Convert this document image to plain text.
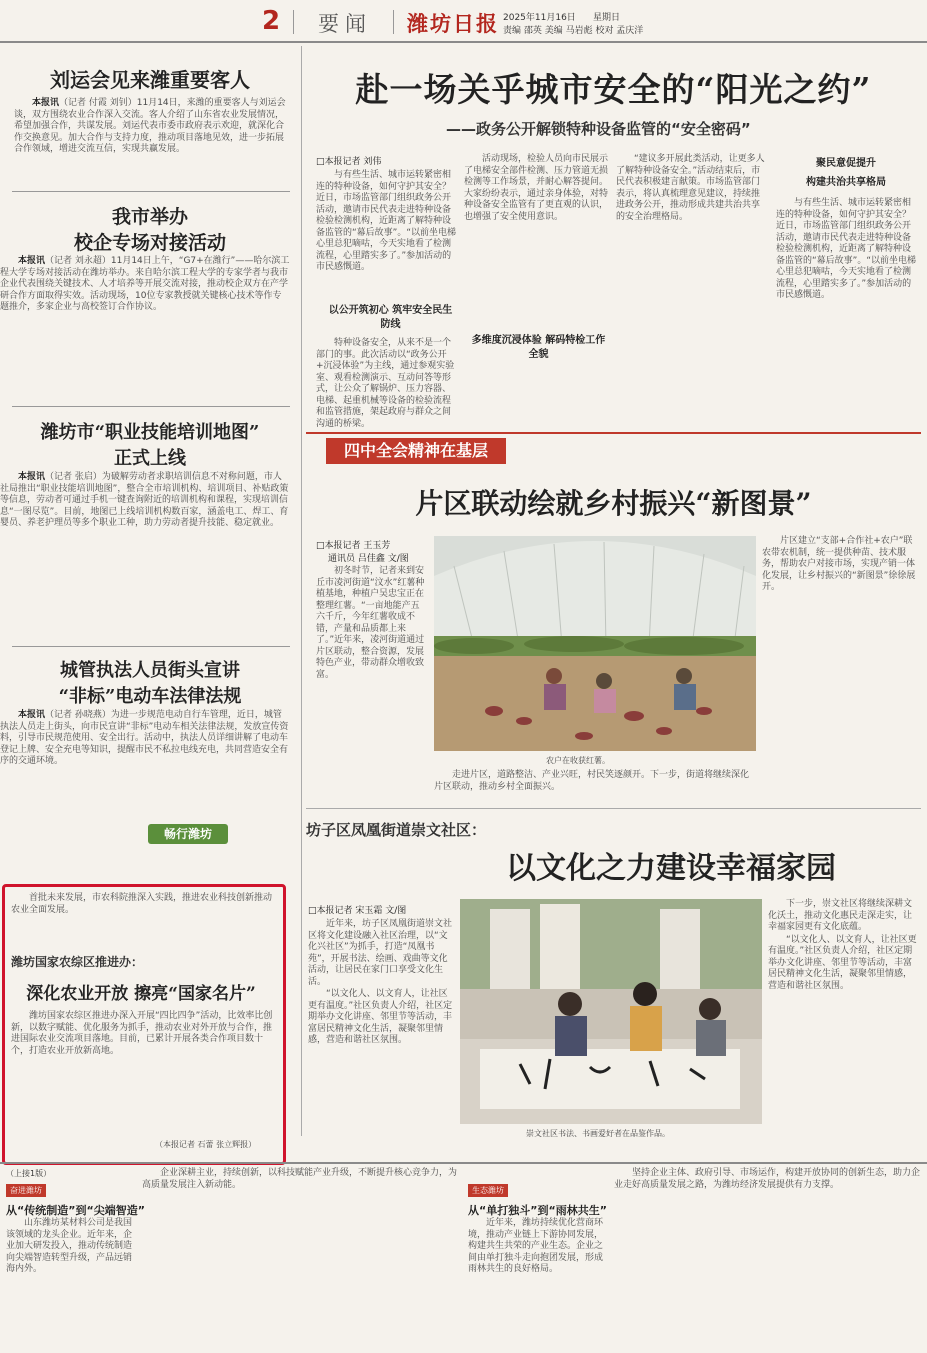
2 要闻 潍坊日报 2025年11月16日 星期日
责编 邵英 美编 马岩彪 校对 孟庆洋
刘运会见来潍重要客人

本报讯（记者 付霞 刘钊）11月14日，来潍的重要客人与刘运会谈，双方围绕农业合作深入交流。客人介绍了山东省农业发展情况，希望加强合作，共谋发展。刘运代表市委市政府表示欢迎，就深化合作交换意见。加大合作与支持力度，推动项目落地见效，进一步拓展合作领域，增进交流互信，实现共赢发展。

我市举办
校企专场对接活动

本报讯（记者 刘永超）11月14日上午，“G7+在潍行”——哈尔滨工程大学专场对接活动在潍坊举办。来自哈尔滨工程大学的专家学者与我市企业代表围绕关键技术、人才培养等开展交流对接，推动校企双方在产学研合作方面取得实效。活动现场，10位专家教授就关键核心技术等作专题推介，多家企业与高校签订合作协议。

潍坊市“职业技能培训地图”
正式上线

本报讯（记者 张启）为破解劳动者求职培训信息不对称问题，市人社局推出“职业技能培训地图”，整合全市培训机构、培训项目、补贴政策等信息，劳动者可通过手机一键查询附近的培训机构和课程，实现培训信息“一图尽览”。目前，地图已上线培训机构数百家，涵盖电工、焊工、育婴员、养老护理员等多个职业工种，助力劳动者提升技能、稳定就业。

城管执法人员街头宣讲
“非标”电动车法律法规

本报讯（记者 孙晓燕）为进一步规范电动自行车管理，近日，城管执法人员走上街头，向市民宣讲“非标”电动车相关法律法规，发放宣传资料，引导市民规范使用、安全出行。活动中，执法人员详细讲解了电动车登记上牌、安全充电等知识，提醒市民不私拉电线充电，共同营造安全有序的交通环境。

畅行潍坊
赴一场关乎城市安全的“阳光之约”
——政务公开解锁特种设备监管的“安全密码”
□本报记者 刘伟

与有些生活、城市运转紧密相连的特种设备，如何守护其安全？近日，市场监管部门组织政务公开活动，邀请市民代表走进特种设备检验检测机构，近距离了解特种设备监管的“幕后故事”。“以前坐电梯心里总犯嘀咕，今天实地看了检测流程，心里踏实多了。”参加活动的市民感慨道。

以公开筑初心 筑牢安全民生防线

特种设备安全，从来不是一个部门的事。此次活动以“政务公开+沉浸体验”为主线，通过参观实验室、观看检测演示、互动问答等形式，让公众了解锅炉、压力容器、电梯、起重机械等设备的检验流程和监管措施，架起政府与群众之间沟通的桥梁。

活动现场，检验人员向市民展示了电梯安全部件检测、压力管道无损检测等工作场景，并耐心解答提问。大家纷纷表示，通过亲身体验，对特种设备安全监管有了更直观的认识，也增强了安全使用意识。

多维度沉浸体验 解码特检工作全貌

“建议多开展此类活动，让更多人了解特种设备安全。”活动结束后，市民代表积极建言献策。市场监管部门表示，将认真梳理意见建议，持续推进政务公开，推动形成共建共治共享的安全治理格局。

聚民意促提升
构建共治共享格局

与有些生活、城市运转紧密相连的特种设备，如何守护其安全？近日，市场监管部门组织政务公开活动，邀请市民代表走进特种设备检验检测机构，近距离了解特种设备监管的“幕后故事”。“以前坐电梯心里总犯嘀咕，今天实地看了检测流程，心里踏实多了。”参加活动的市民感慨道。

四中全会精神在基层
片区联动绘就乡村振兴“新图景”
□本报记者 王玉芳
通讯员 吕佳鑫 文/图

初冬时节，记者来到安丘市凌河街道“汶水”红薯种植基地，种植户吴忠宝正在整理红薯。“一亩地能产五六千斤，今年红薯收成不错，产量和品质都上来了。”近年来，凌河街道通过片区联动，整合资源，发展特色产业，带动群众增收致富。

农户在收获红薯。

走进片区，道路整洁、产业兴旺，村民笑逐颜开。下一步，街道将继续深化片区联动，推动乡村全面振兴。

片区建立“支部+合作社+农户”联农带农机制，统一提供种苗、技术服务，帮助农户对接市场，实现产销一体化发展，让乡村振兴的“新图景”徐徐展开。

坊子区凤凰街道崇文社区：
以文化之力建设幸福家园
□本报记者 宋玉霜 文/图

近年来，坊子区凤凰街道崇文社区将文化建设融入社区治理，以“文化兴社区”为抓手，打造“凤凰书苑”，开展书法、绘画、戏曲等文化活动，让居民在家门口享受文化生活。

“以文化人、以文育人，让社区更有温度。”社区负责人介绍，社区定期举办文化讲座、邻里节等活动，丰富居民精神文化生活，凝聚邻里情感，营造和谐社区氛围。

崇文社区书法、书画爱好者在品鉴作品。

下一步，崇文社区将继续深耕文化沃土，推动文化惠民走深走实，让幸福家园更有文化底蕴。

“以文化人、以文育人，让社区更有温度。”社区负责人介绍，社区定期举办文化讲座、邻里节等活动，丰富居民精神文化生活，凝聚邻里情感，营造和谐社区氛围。

首批未来发展，市农科院推深入实践，推进农业科技创新推动农业全面发展。

潍坊国家农综区推进办：
深化农业开放 擦亮“国家名片”

潍坊国家农综区推进办深入开展“四比四争”活动，比效率比创新，以数字赋能、优化服务为抓手，推动农业对外开放与合作，推进国际农业交流项目落地。目前，已累计开展各类合作项目数十个，打造农业开放新高地。

（本报记者 石蕾 张立辉报）
（上接1版）
奋进潍坊
从“传统制造”到“尖端智造”

山东潍坊某材料公司是我国该领域的龙头企业。近年来，企业加大研发投入，推动传统制造向尖端智造转型升级，产品远销海内外。

企业深耕主业，持续创新，以科技赋能产业升级，不断提升核心竞争力，为高质量发展注入新动能。

生态潍坊
从“单打独斗”到“雨林共生”

近年来，潍坊持续优化营商环境，推动产业链上下游协同发展，构建共生共荣的产业生态。企业之间由单打独斗走向抱团发展，形成雨林共生的良好格局。

坚持企业主体、政府引导、市场运作，构建开放协同的创新生态，助力企业走好高质量发展之路，为潍坊经济发展提供有力支撑。
